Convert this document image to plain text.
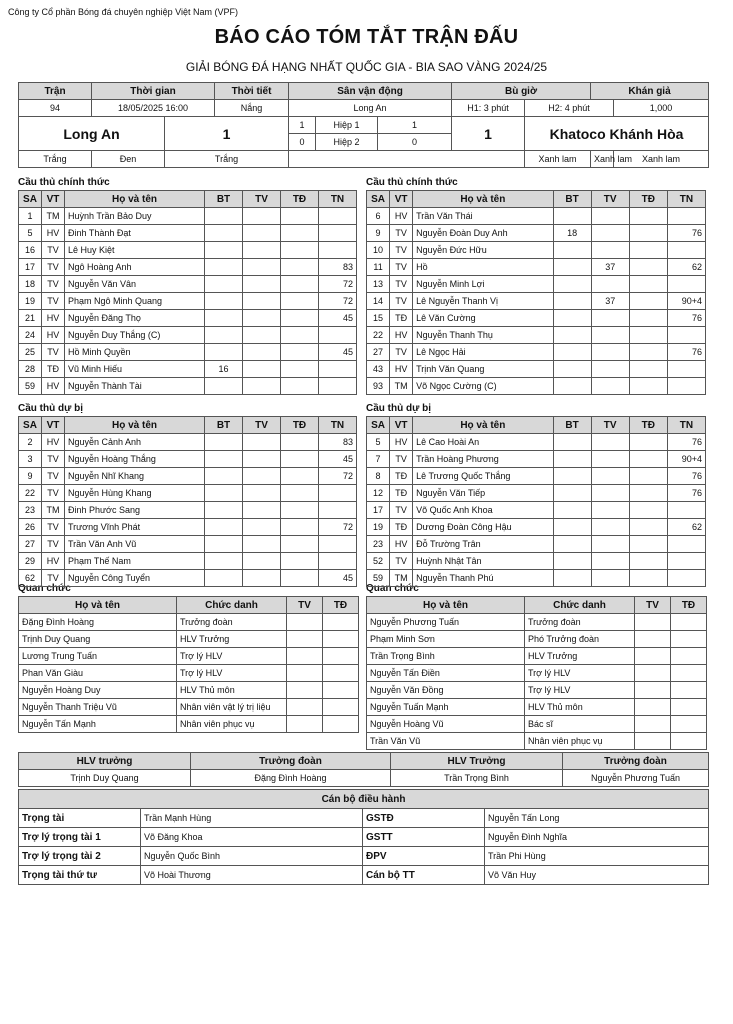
Công ty Cổ phần Bóng đá chuyên nghiệp Việt Nam (VPF)
BÁO CÁO TÓM TẮT TRẬN ĐẤU
GIẢI BÓNG ĐÁ HẠNG NHẤT QUỐC GIA - BIA SAO VÀNG 2024/25
Trận	Thời gian		Thời tiết	Sân vận động			Bù giờ		Khán giả	
94	18/05/2025 16:00		Nắng	Long An			H1: 3 phút	H2: 4 phút		1,000
Long An		1		1	Hiệp 1	1	1	Khatoco Khánh Hòa		
				0	Hiệp 2	0				
Trắng	Đen	Trắng						Xanh lam	Xanh lam	Xanh lam
Cầu thủ chính thức	Cầu thủ chính thức
Cầu thủ dự bị	Cầu thủ dự bị
Quan chức	Quan chức
SA	VT	Họ và tên	BT	TV	TĐ	TN
1	TM	Huỳnh Trần Bảo Duy				
5	HV	Đinh Thành Đạt				
16	TV	Lê Huy Kiệt				
17	TV	Ngô Hoàng Anh				83
18	TV	Nguyễn Văn Vân				72
19	TV	Phạm Ngô Minh Quang				72
21	HV	Nguyễn Đăng Thọ				45
24	HV	Nguyễn Duy Thắng (C)				
25	TV	Hồ Minh Quyền				45
28	TĐ	Vũ Minh Hiếu	16			
59	HV	Nguyễn Thành Tài				
SA	VT	Họ và tên	BT	TV	TĐ	TN
6	HV	Trần Văn Thái				
9	TV	Nguyễn Đoàn Duy Anh	18			76
10	TV	Nguyễn Đức Hữu				
11	TV	Hồ		37		62
13	TV	Nguyễn Minh Lợi				
14	TV	Lê Nguyễn Thanh Vị		37		90+4
15	TĐ	Lê Văn Cường				76
22	HV	Nguyễn Thanh Thụ				
27	TV	Lê Ngọc Hải				76
43	HV	Trịnh Văn Quang				
93	TM	Võ Ngọc Cường (C)				
SA	VT	Họ và tên	BT	TV	TĐ	TN
2	HV	Nguyễn Cảnh Anh				83
3	TV	Nguyễn Hoàng Thắng				45
9	TV	Nguyễn Nhĩ Khang				72
22	TV	Nguyễn Hùng Khang				
23	TM	Đinh Phước Sang				
26	TV	Trương Vĩnh Phát				72
27	TV	Trần Văn Anh Vũ				
29	HV	Phạm Thế Nam				
62	TV	Nguyễn Công Tuyển				45
SA	VT	Họ và tên	BT	TV	TĐ	TN
5	HV	Lê Cao Hoài An				76
7	TV	Trần Hoàng Phương				90+4
8	TĐ	Lê Trương Quốc Thắng				76
12	TĐ	Nguyễn Văn Tiếp				76
17	TV	Võ Quốc Anh Khoa				
19	TĐ	Dương Đoàn Công Hậu				62
23	HV	Đỗ Trường Trân				
52	TV	Huỳnh Nhật Tân				
59	TM	Nguyễn Thanh Phú				
Họ và tên	Chức danh	TV	TĐ
Đặng Đình Hoàng	Trưởng đoàn		
Trịnh Duy Quang	HLV Trưởng		
Lương Trung Tuấn	Trợ lý HLV		
Phan Văn Giàu	Trợ lý HLV		
Nguyễn Hoàng Duy	HLV Thủ môn		
Nguyễn Thanh Triệu Vũ	Nhân viên vật lý trị liệu		
Nguyễn Tấn Mạnh	Nhân viên phục vụ		
Họ và tên	Chức danh	TV	TĐ
Nguyễn Phương Tuấn	Trưởng đoàn		
Phạm Minh Sơn	Phó Trưởng đoàn		
Trần Trọng Bình	HLV Trưởng		
Nguyễn Tấn Điền	Trợ lý HLV		
Nguyễn Văn Đồng	Trợ lý HLV		
Nguyễn Tuấn Mạnh	HLV Thủ môn		
Nguyễn Hoàng Vũ	Bác sĩ		
Trần Văn Vũ	Nhân viên phục vụ		
HLV trưởng	Trưởng đoàn	HLV Trưởng	Trưởng đoàn
Trịnh Duy Quang	Đặng Đình Hoàng	Trần Trọng Bình	Nguyễn Phương Tuấn
Cán bộ điều hành			
Trọng tài	Trần Mạnh Hùng	GSTĐ	Nguyễn Tấn Long
Trợ lý trọng tài 1	Võ Đăng Khoa	GSTT	Nguyễn Đình Nghĩa
Trợ lý trọng tài 2	Nguyễn Quốc Bình	ĐPV	Trần Phi Hùng
Trọng tài thứ tư	Võ Hoài Thương	Cán bộ TT	Võ Văn Huy
